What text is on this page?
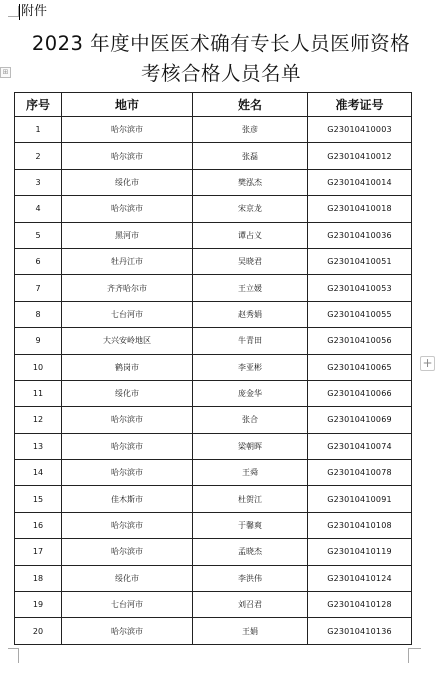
附件
⊞
2023 年度中医医术确有专长人员医师资格
考核合格人员名单
序号	地市	姓名	准考证号
1	哈尔滨市	张彦	G23010410003
2	哈尔滨市	张磊	G23010410012
3	绥化市	樊泓杰	G23010410014
4	哈尔滨市	宋京龙	G23010410018
5	黑河市	谭占义	G23010410036
6	牡丹江市	吴晓君	G23010410051
7	齐齐哈尔市	王立媛	G23010410053
8	七台河市	赵秀娟	G23010410055
9	大兴安岭地区	牛青田	G23010410056
10	鹤岗市	李亚彬	G23010410065
11	绥化市	庞金华	G23010410066
12	哈尔滨市	张合	G23010410069
13	哈尔滨市	梁朝晖	G23010410074
14	哈尔滨市	王舜	G23010410078
15	佳木斯市	杜贺江	G23010410091
16	哈尔滨市	于馨爽	G23010410108
17	哈尔滨市	孟晓杰	G23010410119
18	绥化市	李洪伟	G23010410124
19	七台河市	刘召君	G23010410128
20	哈尔滨市	王娟	G23010410136
+
